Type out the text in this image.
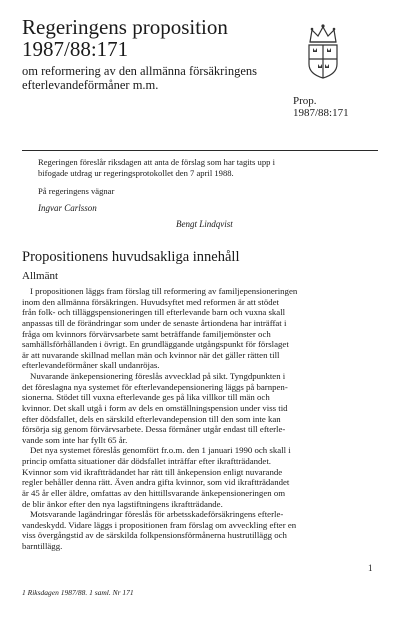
Regeringens proposition
1987/88:171
om reformering av den allmänna försäkringens
efterlevandeförmåner m.m.
Prop.
1987/88:171
Regeringen föreslår riksdagen att anta de förslag som har tagits upp i
bifogade utdrag ur regeringsprotokollet den 7 april 1988.
På regeringens vägnar
Ingvar Carlsson
Bengt Lindqvist
Propositionens huvudsakliga innehåll
Allmänt
I propositionen läggs fram förslag till reformering av familjepensioneringen
inom den allmänna försäkringen. Huvudsyftet med reformen är att stödet
från folk- och tilläggspensioneringen till efterlevande barn och vuxna skall
anpassas till de förändringar som under de senaste årtiondena har inträffat i
fråga om kvinnors förvärvsarbete samt beträffande familjemönster och
samhällsförhållanden i övrigt. En grundläggande utgångspunkt för förslaget
är att nuvarande skillnad mellan män och kvinnor när det gäller rätten till
efterlevandeförmåner skall undanröjas.
Nuvarande änkepensionering föreslås avvecklad på sikt. Tyngdpunkten i
det föreslagna nya systemet för efterlevandepensionering läggs på barnpen-
sionerna. Stödet till vuxna efterlevande ges på lika villkor till män och
kvinnor. Det skall utgå i form av dels en omställningspension under viss tid
efter dödsfallet, dels en särskild efterlevandepension till den som inte kan
försörja sig genom förvärvsarbete. Dessa förmåner utgår endast till efterle-
vande som inte har fyllt 65 år.
Det nya systemet föreslås genomfört fr.o.m. den 1 januari 1990 och skall i
princip omfatta situationer där dödsfallet inträffar efter ikraftträdandet.
Kvinnor som vid ikraftträdandet har rätt till änkepension enligt nuvarande
regler behåller denna rätt. Även andra gifta kvinnor, som vid ikraftträdandet
är 45 år eller äldre, omfattas av den hittillsvarande änkepensioneringen om
de blir änkor efter den nya lagstiftningens ikraftträdande.
Motsvarande lagändringar föreslås för arbetsskadeförsäkringens efterle-
vandeskydd. Vidare läggs i propositionen fram förslag om avveckling efter en
viss övergångstid av de särskilda folkpensionsförmånerna hustrutillägg och
barntillägg.
1
1 Riksdagen 1987/88. 1 saml. Nr 171
